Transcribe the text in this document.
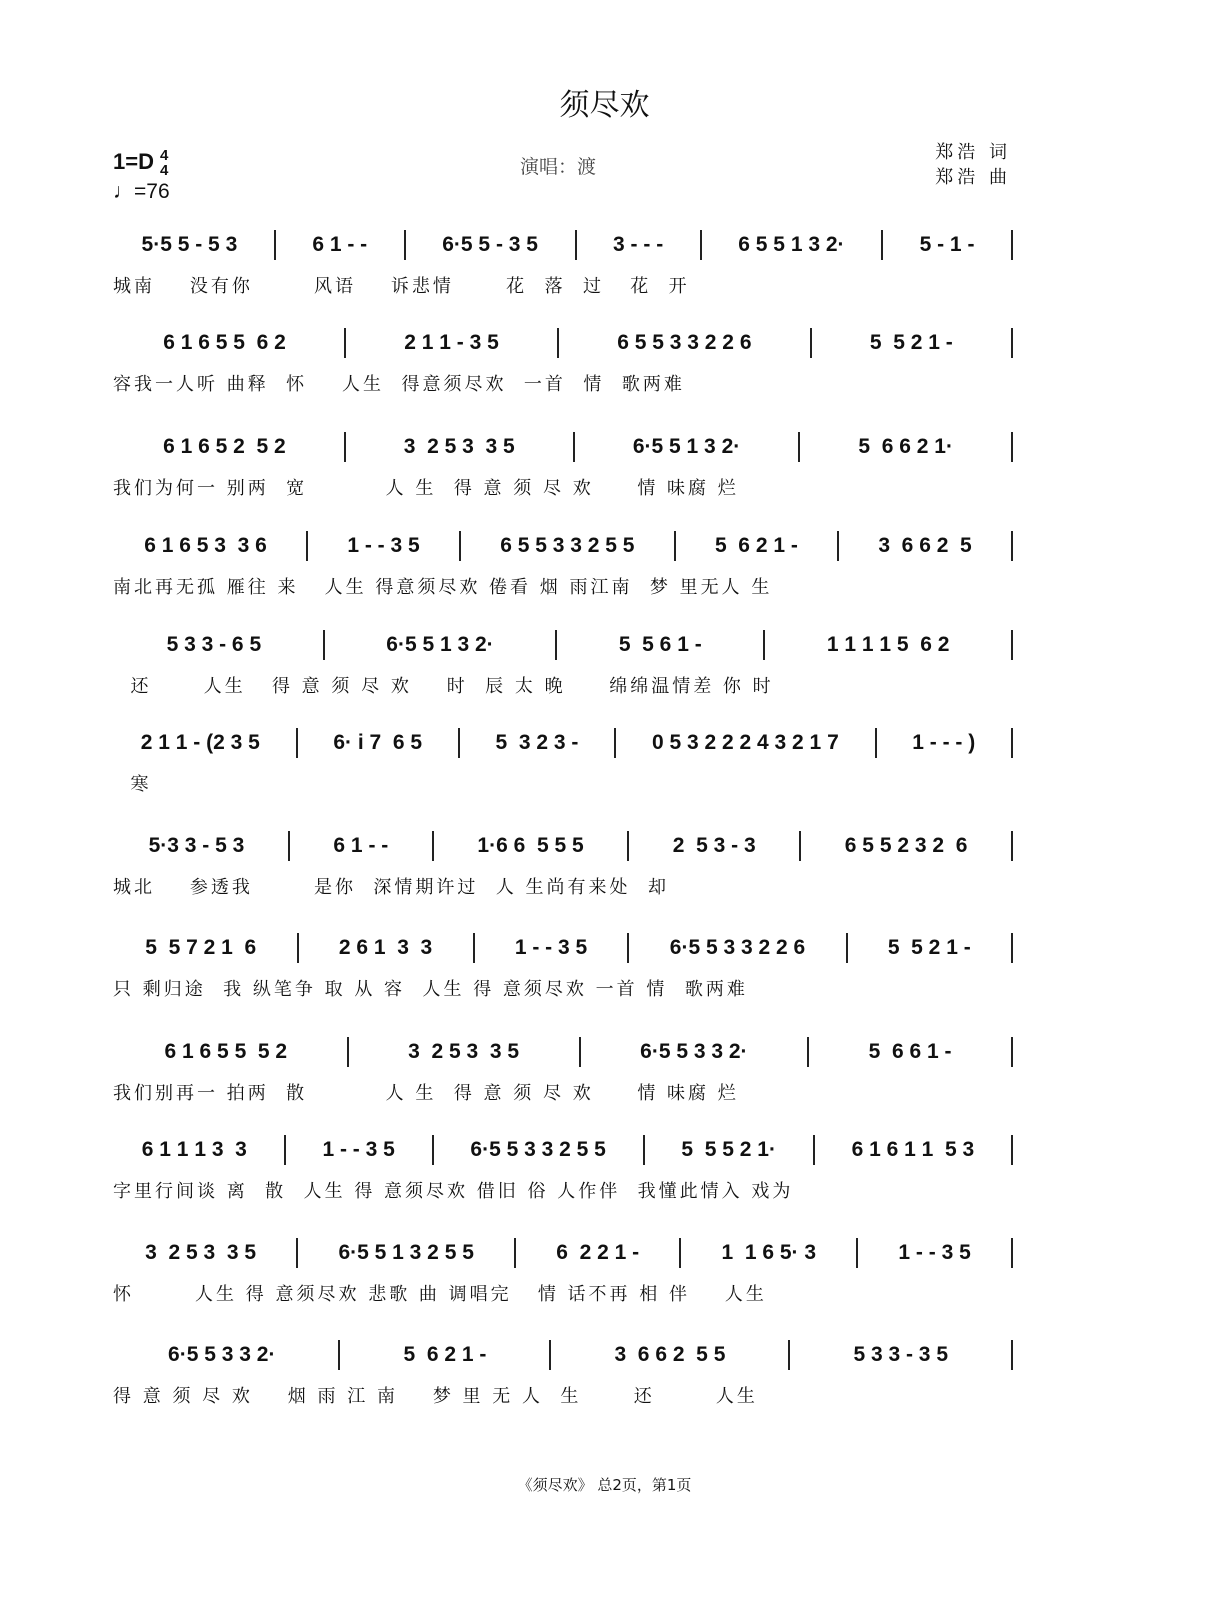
须尽欢
1=D 4
4
♩=76
演唱：渡
郑浩 词
郑浩 曲
5·5 5 - 5 3	6 1 - -	6·5 5 - 3 5	3 - - -	6 5 5 1 3 2·	5 - 1 -
城南    没有你       风语    诉悲情      花  落  过   花  开
6 1 6 5 5  6 2	2 1 1 - 3 5	6 5 5 3 3 2 2 6	5  5 2 1 -
容我一人听 曲释  怀    人生  得意须尽欢  一首  情  歌两难
6 1 6 5 2  5 2	3  2 5 3  3 5	6·5 5 1 3 2·	5  6 6 2 1·
我们为何一 别两  宽         人 生  得 意 须 尽 欢     情 味腐 烂
6 1 6 5 3  3 6	1 - - 3 5	6 5 5 3 3 2 5 5	5  6 2 1 -	3  6 6 2  5
南北再无孤 雁往 来   人生 得意须尽欢 倦看 烟 雨江南  梦 里无人 生
5 3 3 - 6 5	6·5 5 1 3 2·	5  5 6 1 -	1 1 1 1 5  6 2
还      人生   得 意 须 尽 欢    时  辰 太 晚     绵绵温情差 你 时
2 1 1 - (2 3 5	6· i 7  6 5	5  3 2 3 -	0 5 3 2 2 2 4 3 2 1 7	1 - - - )
寒
5·3 3 - 5 3	6 1 - -	1·6 6  5 5 5	2  5 3 - 3	6 5 5 2 3 2  6
城北    参透我       是你  深情期许过  人 生尚有来处  却
5  5 7 2 1  6	2 6 1  3  3	1 - - 3 5	6·5 5 3 3 2 2 6	5  5 2 1 -
只 剩归途  我 纵笔争 取 从 容  人生 得 意须尽欢 一首 情  歌两难
6 1 6 5 5  5 2	3  2 5 3  3 5	6·5 5 3 3 2·	5  6 6 1 -
我们别再一 拍两  散         人 生  得 意 须 尽 欢     情 味腐 烂
6 1 1 1 3  3	1 - - 3 5	6·5 5 3 3 2 5 5	5  5 5 2 1·	6 1 6 1 1  5 3
字里行间谈 离  散  人生 得 意须尽欢 借旧 俗 人作伴  我懂此情入 戏为
3  2 5 3  3 5	6·5 5 1 3 2 5 5	6  2 2 1 -	1  1 6 5· 3	1 - - 3 5
怀       人生 得 意须尽欢 悲歌 曲 调唱完   情 话不再 相 伴    人生
6·5 5 3 3 2·	5  6 2 1 -	3  6 6 2  5 5	5 3 3 - 3 5
得 意 须 尽 欢    烟 雨 江 南    梦 里 无 人  生      还       人生
《须尽欢》 总2页，第1页
